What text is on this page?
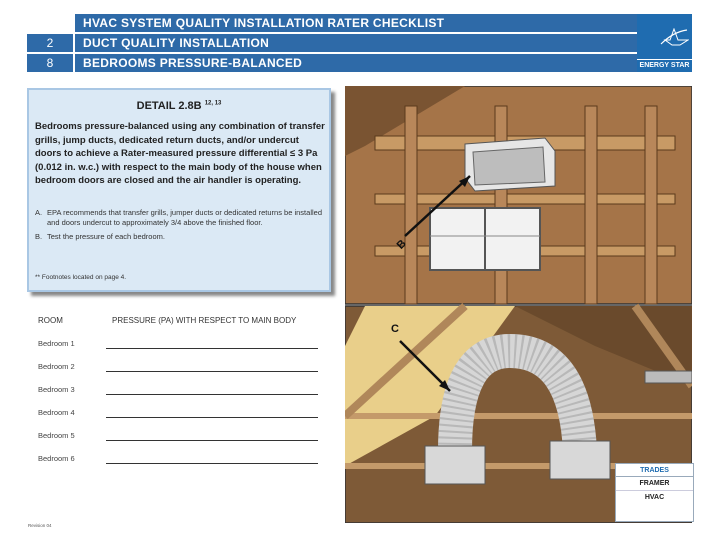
HVAC SYSTEM QUALITY INSTALLATION RATER CHECKLIST
2	DUCT QUALITY INSTALLATION
8	BEDROOMS PRESSURE-BALANCED	ENERGY STAR
DETAIL 2.8B $^{12, 13}$
Bedrooms pressure-balanced using any combination of transfer grills, jump ducts, dedicated return ducts, and/or undercut doors to achieve a Rater-measured pressure differential ≤ 3 Pa (0.012 in. w.c.) with respect to the main body of the house when bedroom doors are closed and the air handler is operating.
A. EPA recommends that transfer grills, jumper ducts or dedicated returns be installed and doors undercut to approximately 3/4 above the finished floor.
B. Test the pressure of each bedroom.
** Footnotes located on page 4.
ROOM	PRESSURE (PA) WITH RESPECT TO MAIN BODY
Bedroom 1
Bedroom 2
Bedroom 3
Bedroom 4
Bedroom 5
Bedroom 6
B
C
TRADES
FRAMER
HVAC
Revision 04
